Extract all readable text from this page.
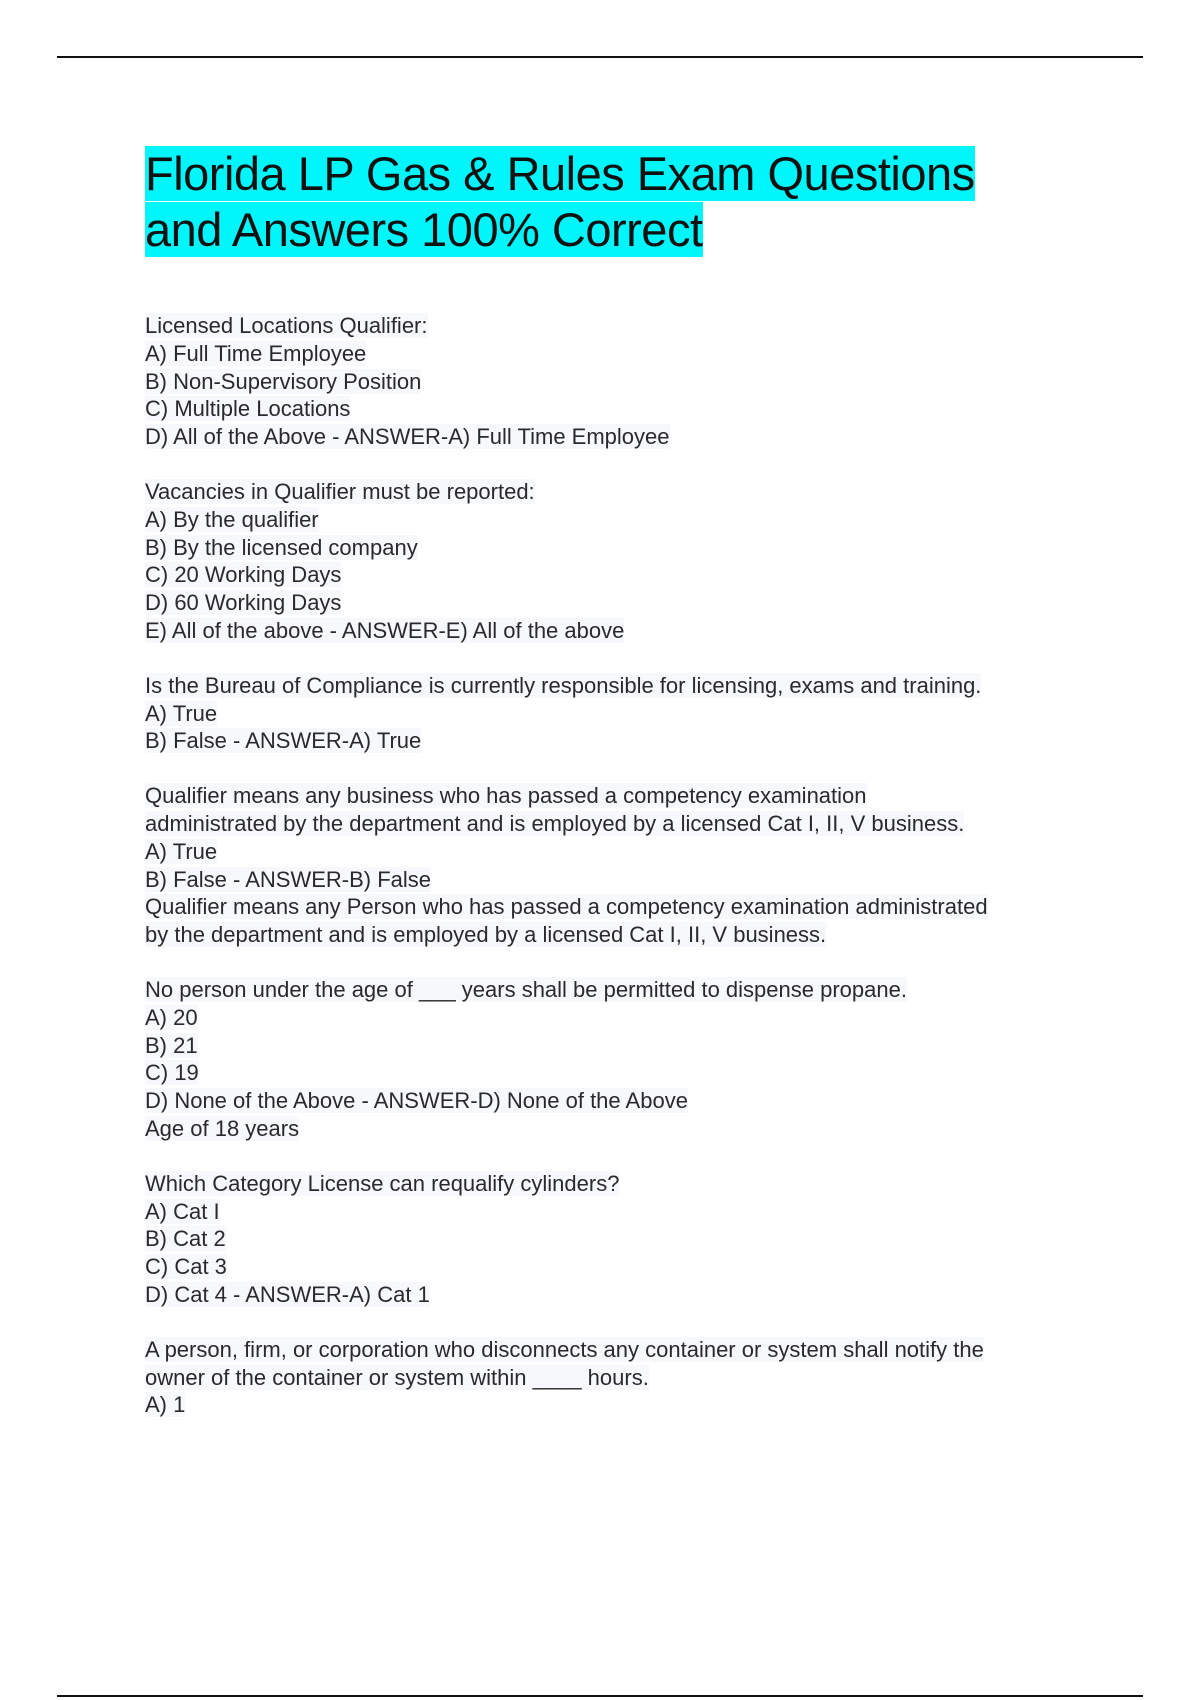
Florida LP Gas & Rules Exam Questions
and Answers 100% Correct
Licensed Locations Qualifier:
A) Full Time Employee
B) Non-Supervisory Position
C) Multiple Locations
D) All of the Above - ANSWER-A) Full Time Employee
Vacancies in Qualifier must be reported:
A) By the qualifier
B) By the licensed company
C) 20 Working Days
D) 60 Working Days
E) All of the above - ANSWER-E) All of the above
Is the Bureau of Compliance is currently responsible for licensing, exams and training.
A) True
B) False - ANSWER-A) True
Qualifier means any business who has passed a competency examination
administrated by the department and is employed by a licensed Cat I, II, V business.
A) True
B) False - ANSWER-B) False
Qualifier means any Person who has passed a competency examination administrated
by the department and is employed by a licensed Cat I, II, V business.
No person under the age of ___ years shall be permitted to dispense propane.
A) 20
B) 21
C) 19
D) None of the Above - ANSWER-D) None of the Above
Age of 18 years
Which Category License can requalify cylinders?
A) Cat I
B) Cat 2
C) Cat 3
D) Cat 4 - ANSWER-A) Cat 1
A person, firm, or corporation who disconnects any container or system shall notify the
owner of the container or system within ____ hours.
A) 1
